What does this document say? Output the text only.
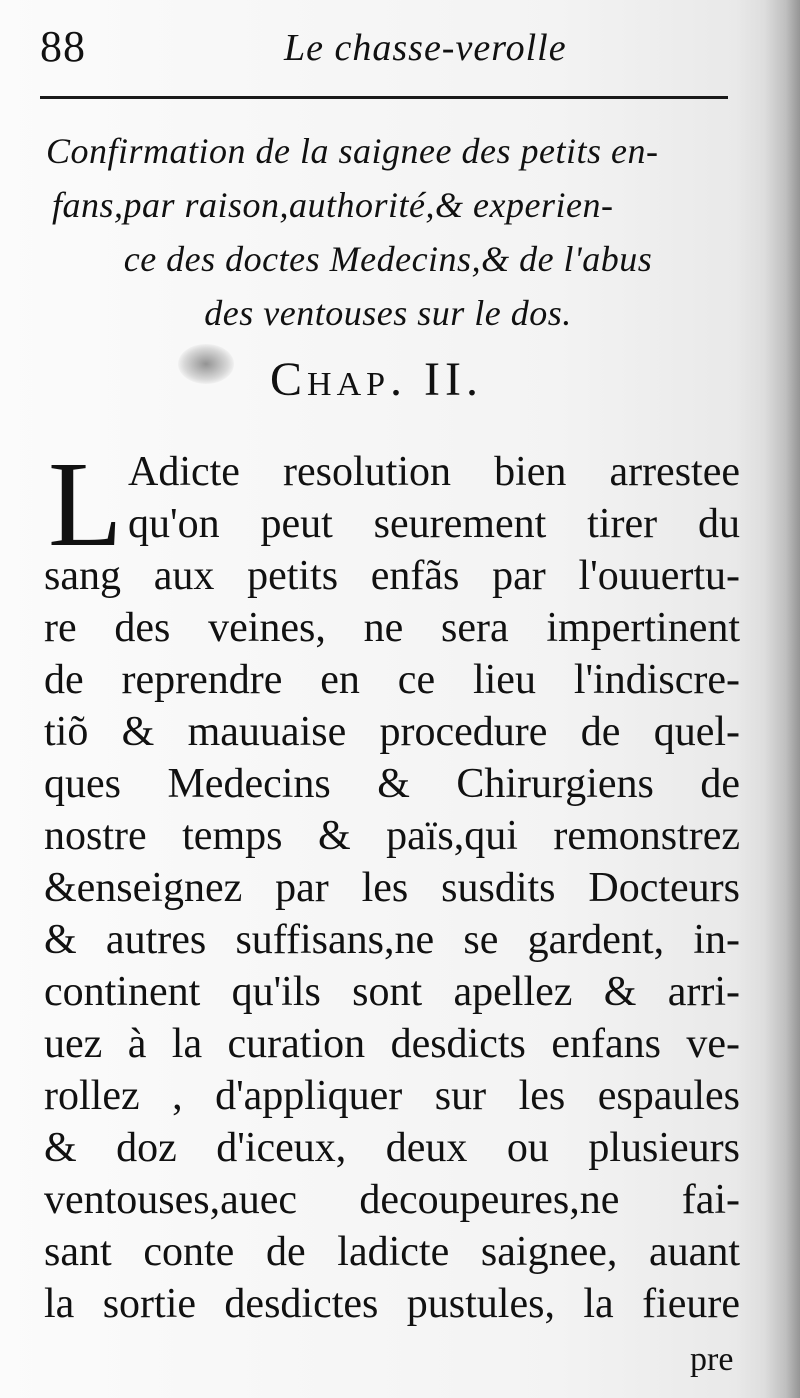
88	Le chasse-verolle
Confirmation de la saignee des petits en-
fans,par raison,authorité,& experien-
ce des doctes Medecins,& de l'abus
des ventouses sur le dos.
Chap. II.
L Adicte resolution bien arrestee
qu'on peut seurement tirer du
sang aux petits enfãs par l'ouuertu-
re des veines, ne sera impertinent
de reprendre en ce lieu l'indiscre-
tiõ & mauuaise procedure de quel-
ques Medecins & Chirurgiens de
nostre temps & païs,qui remonstrez
&enseignez par les susdits Docteurs
& autres suffisans,ne se gardent, in-
continent qu'ils sont apellez & arri-
uez à la curation desdicts enfans ve-
rollez , d'appliquer sur les espaules
& doz d'iceux, deux ou plusieurs
ventouses,auec decoupeures,ne fai-
sant conte de ladicte saignee, auant
la sortie desdictes pustules, la fieure
pre
